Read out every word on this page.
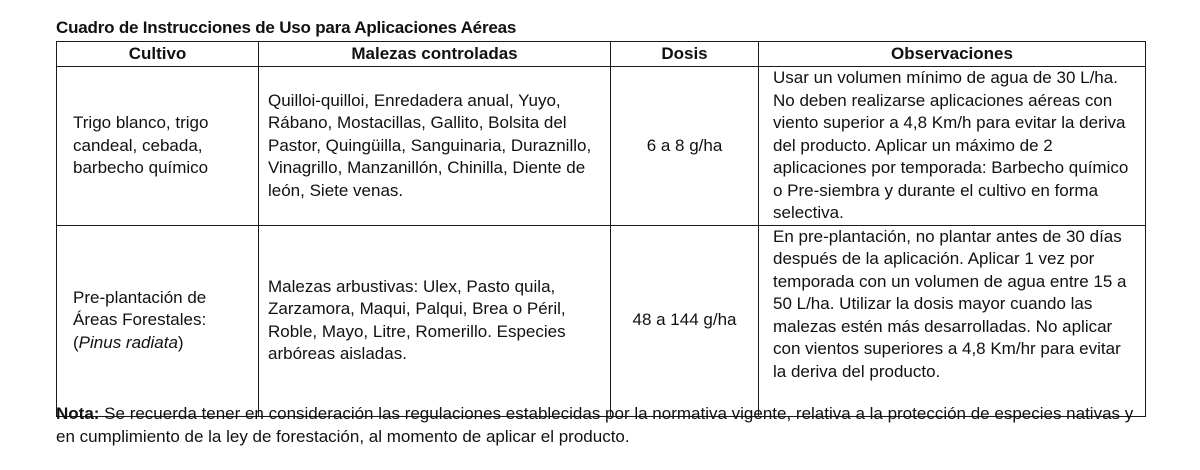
Cuadro de Instrucciones de Uso para Aplicaciones Aéreas
Cultivo	Malezas controladas	Dosis	Observaciones

Trigo blanco, trigo candeal, cebada, barbecho químico	Quilloi-quilloi, Enredadera anual, Yuyo, Rábano, Mostacillas, Gallito, Bolsita del Pastor, Quingüilla, Sanguinaria, Duraznillo, Vinagrillo, Manzanillón, Chinilla, Diente de león, Siete venas.	6 a 8 g/ha	Usar un volumen mínimo de agua de 30 L/ha. No deben realizarse aplicaciones aéreas con viento superior a 4,8 Km/h para evitar la deriva del producto. Aplicar un máximo de 2 aplicaciones por temporada: Barbecho químico o Pre-siembra y durante el cultivo en forma selectiva.

Pre-plantación de Áreas Forestales:
(Pinus radiata)	Malezas arbustivas: Ulex, Pasto quila, Zarzamora, Maqui, Palqui, Brea o Péril, Roble, Mayo, Litre, Romerillo. Especies arbóreas aisladas.	48 a 144 g/ha	En pre-plantación, no plantar antes de 30 días después de la aplicación. Aplicar 1 vez por temporada con un volumen de agua entre 15 a 50 L/ha. Utilizar la dosis mayor cuando las malezas estén más desarrolladas. No aplicar con vientos superiores a 4,8 Km/hr para evitar la deriva del producto.
Nota: Se recuerda tener en consideración las regulaciones establecidas por la normativa vigente, relativa a la protección de especies nativas y en cumplimiento de la ley de forestación, al momento de aplicar el producto.
